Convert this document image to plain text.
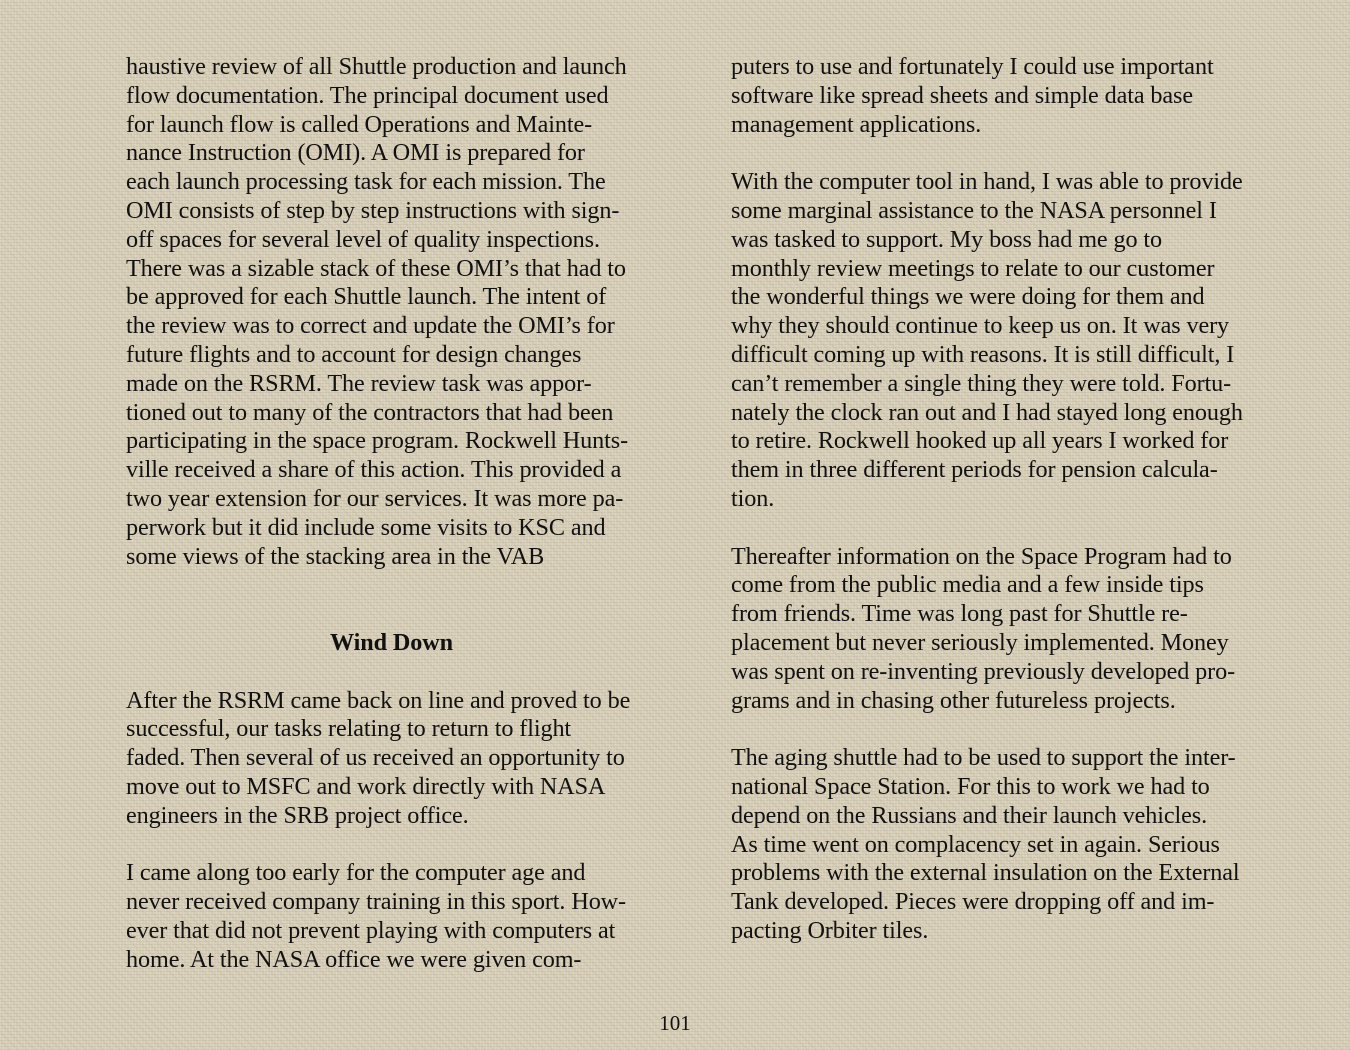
haustive review of all Shuttle production and launch
flow documentation. The principal document used
for launch flow is called Operations and Mainte-
nance Instruction (OMI). A OMI is prepared for
each launch processing task for each mission. The
OMI consists of step by step instructions with sign-
off spaces for several level of quality inspections.
There was a sizable stack of these OMI’s that had to
be approved for each Shuttle launch. The intent of
the review was to correct and update the OMI’s for
future flights and to account for design changes
made on the RSRM. The review task was appor-
tioned out to many of the contractors that had been
participating in the space program. Rockwell Hunts-
ville received a share of this action. This provided a
two year extension for our services. It was more pa-
perwork but it did include some visits to KSC and
some views of the stacking area in the VAB
Wind Down
After the RSRM came back on line and proved to be
successful, our tasks relating to return to flight
faded. Then several of us received an opportunity to
move out to MSFC and work directly with NASA
engineers in the SRB project office.
I came along too early for the computer age and
never received company training in this sport. How-
ever that did not prevent playing with computers at
home. At the NASA office we were given com-
puters to use and fortunately I could use important
software like spread sheets and simple data base
management applications.
With the computer tool in hand, I was able to provide
some marginal assistance to the NASA personnel I
was tasked to support. My boss had me go to
monthly review meetings to relate to our customer
the wonderful things we were doing for them and
why they should continue to keep us on. It was very
difficult coming up with reasons. It is still difficult, I
can’t remember a single thing they were told. Fortu-
nately the clock ran out and I had stayed long enough
to retire. Rockwell hooked up all years I worked for
them in three different periods for pension calcula-
tion.
Thereafter information on the Space Program had to
come from the public media and a few inside tips
from friends. Time was long past for Shuttle re-
placement but never seriously implemented. Money
was spent on re-inventing previously developed pro-
grams and in chasing other futureless projects.
The aging shuttle had to be used to support the inter-
national Space Station. For this to work we had to
depend on the Russians and their launch vehicles.
As time went on complacency set in again. Serious
problems with the external insulation on the External
Tank developed. Pieces were dropping off and im-
pacting Orbiter tiles.
101
